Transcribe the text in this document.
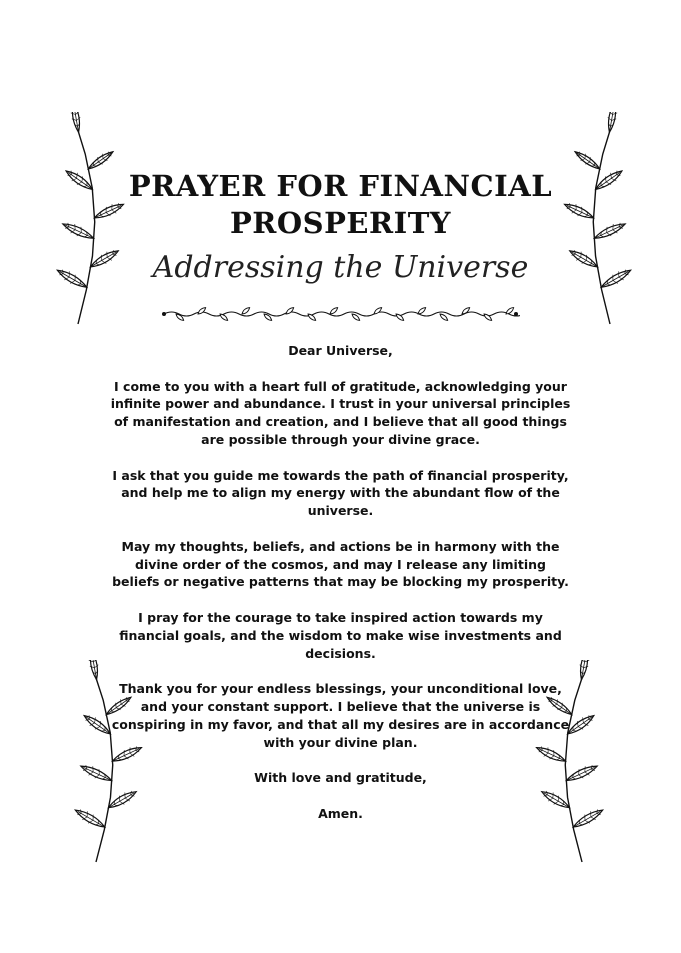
PRAYER FOR FINANCIAL
PROSPERITY
Addressing the Universe

Dear Universe,

I come to you with a heart full of gratitude, acknowledging your infinite power and abundance. I trust in your universal principles of manifestation and creation, and I believe that all good things are possible through your divine grace.

I ask that you guide me towards the path of financial prosperity, and help me to align my energy with the abundant flow of the universe.

May my thoughts, beliefs, and actions be in harmony with the divine order of the cosmos, and may I release any limiting beliefs or negative patterns that may be blocking my prosperity.

I pray for the courage to take inspired action towards my financial goals, and the wisdom to make wise investments and decisions.

Thank you for your endless blessings, your unconditional love, and your constant support. I believe that the universe is conspiring in my favor, and that all my desires are in accordance with your divine plan.

With love and gratitude,

Amen.
